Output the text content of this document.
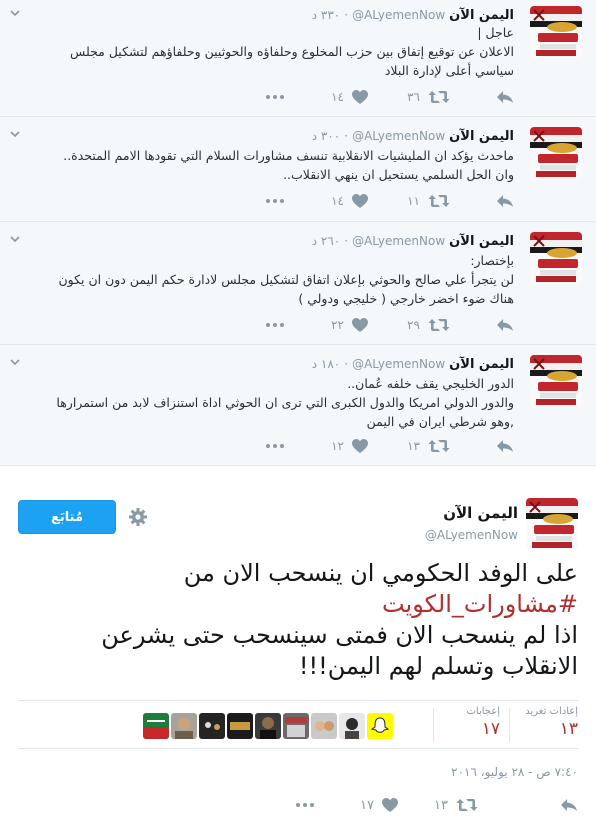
اليمن الآن
@ALyemenNow
·
٣٣٠ د
عاجل |
الاعلان عن توقيع إتفاق بين حزب المخلوع وحلفاؤه والحوثيين وحلفاؤهم لتشكيل مجلس
سياسي أعلى لإدارة البلاد
٣٦
١٤
اليمن الآن
@ALyemenNow
·
٣٠٠ د
ماحدث يؤكد ان المليشيات الانقلابية تنسف مشاورات السلام التي تقودها الامم المتحدة..
وان الحل السلمي يستحيل ان ينهي الانقلاب..
١١
١٤
اليمن الآن
@ALyemenNow
·
٢٦٠ د
بإختصار:
لن يتجرأ علي صالح والحوثي بإعلان اتفاق لتشكيل مجلس لادارة حكم اليمن دون ان يكون
هناك ضوء اخضر خارجي ( خليجي ودولي )
٢٩
٢٢
اليمن الآن
@ALyemenNow
·
١٨٠ د
الدور الخليجي يقف خلفه عُمان..
والدور الدولي امريكا والدول الكبرى التي ترى ان الحوثي اداة استنزاف لابد من استمرارها
,وهو شرطي ايران في اليمن
١٣
١٢
اليمن الآن
@ALyemenNow
مُتابَع
على الوفد الحكومي ان ينسحب الان من
#مشاورات_الكويت
اذا لم ينسحب الان فمتى سينسحب حتى يشرعن
الانقلاب وتسلم لهم اليمن!!!
إعادات تغريد
١٣
إعجابات
١٧
٧:٤٠ ص - ٢٨ يوليو، ٢٠١٦
١٣
١٧
